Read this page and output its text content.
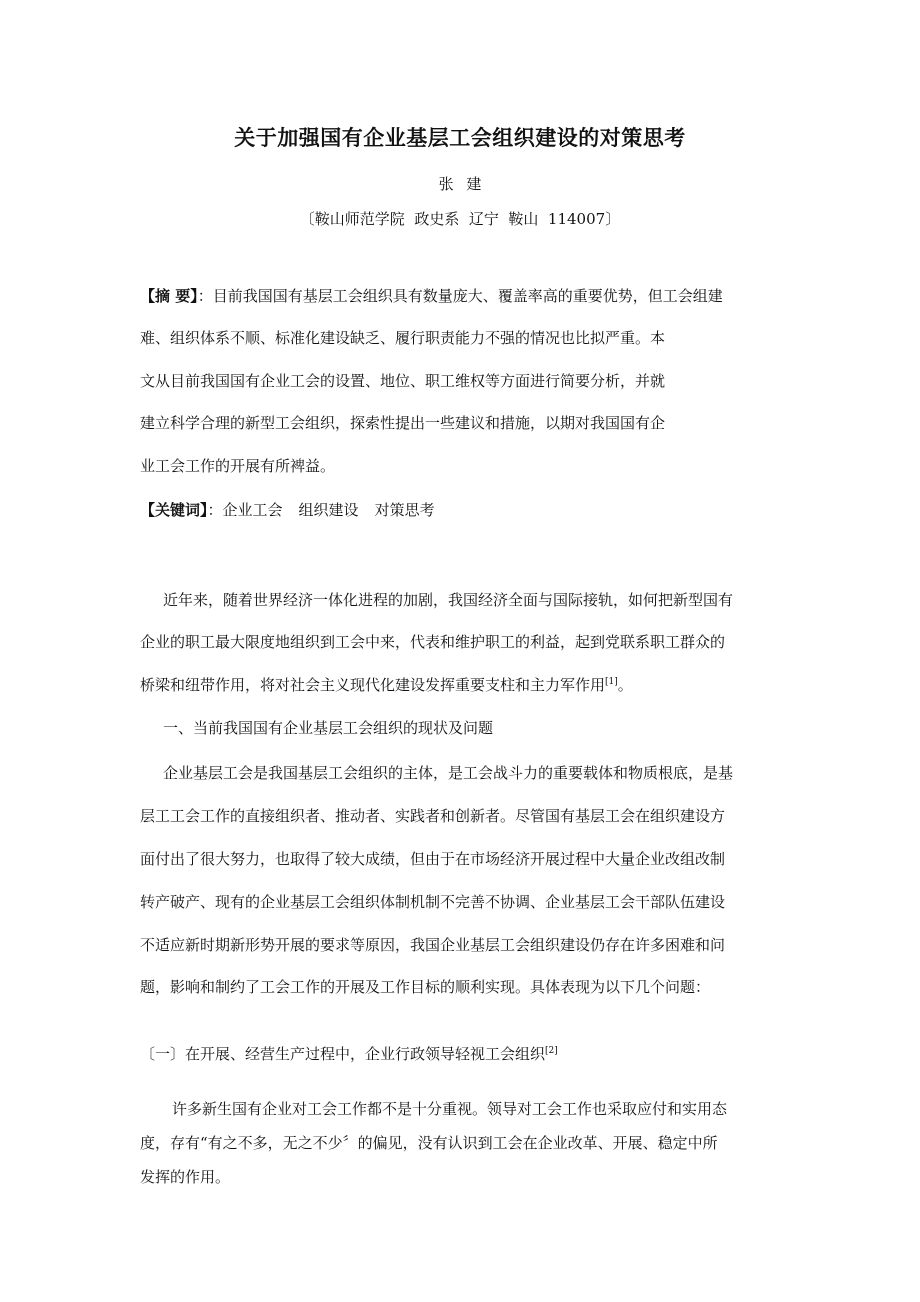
关于加强国有企业基层工会组织建设的对策思考
张 建
〔鞍山师范学院  政史系  辽宁  鞍山  114007〕
【摘 要】：目前我国国有基层工会组织具有数量庞大、覆盖率高的重要优势，但工会组建
难、组织体系不顺、标准化建设缺乏、履行职责能力不强的情况也比拟严重。本
文从目前我国国有企业工会的设置、地位、职工维权等方面进行简要分析，并就
建立科学合理的新型工会组织，探索性提出一些建议和措施，以期对我国国有企
业工会工作的开展有所裨益。
【关键词】：企业工会 组织建设 对策思考
近年来，随着世界经济一体化进程的加剧，我国经济全面与国际接轨，如何把新型国有
企业的职工最大限度地组织到工会中来，代表和维护职工的利益，起到党联系职工群众的
桥梁和纽带作用，将对社会主义现代化建设发挥重要支柱和主力军作用[1]。
一、当前我国国有企业基层工会组织的现状及问题
企业基层工会是我国基层工会组织的主体，是工会战斗力的重要载体和物质根底，是基
层工工会工作的直接组织者、推动者、实践者和创新者。尽管国有基层工会在组织建设方
面付出了很大努力，也取得了较大成绩，但由于在市场经济开展过程中大量企业改组改制
转产破产、现有的企业基层工会组织体制机制不完善不协调、企业基层工会干部队伍建设
不适应新时期新形势开展的要求等原因，我国企业基层工会组织建设仍存在许多困难和问
题，影响和制约了工会工作的开展及工作目标的顺利实现。具体表现为以下几个问题：
〔一〕在开展、经营生产过程中，企业行政领导轻视工会组织[2]
许多新生国有企业对工会工作都不是十分重视。领导对工会工作也采取应付和实用态
度，存有“有之不多，无之不少〞的偏见，没有认识到工会在企业改革、开展、稳定中所
发挥的作用。
